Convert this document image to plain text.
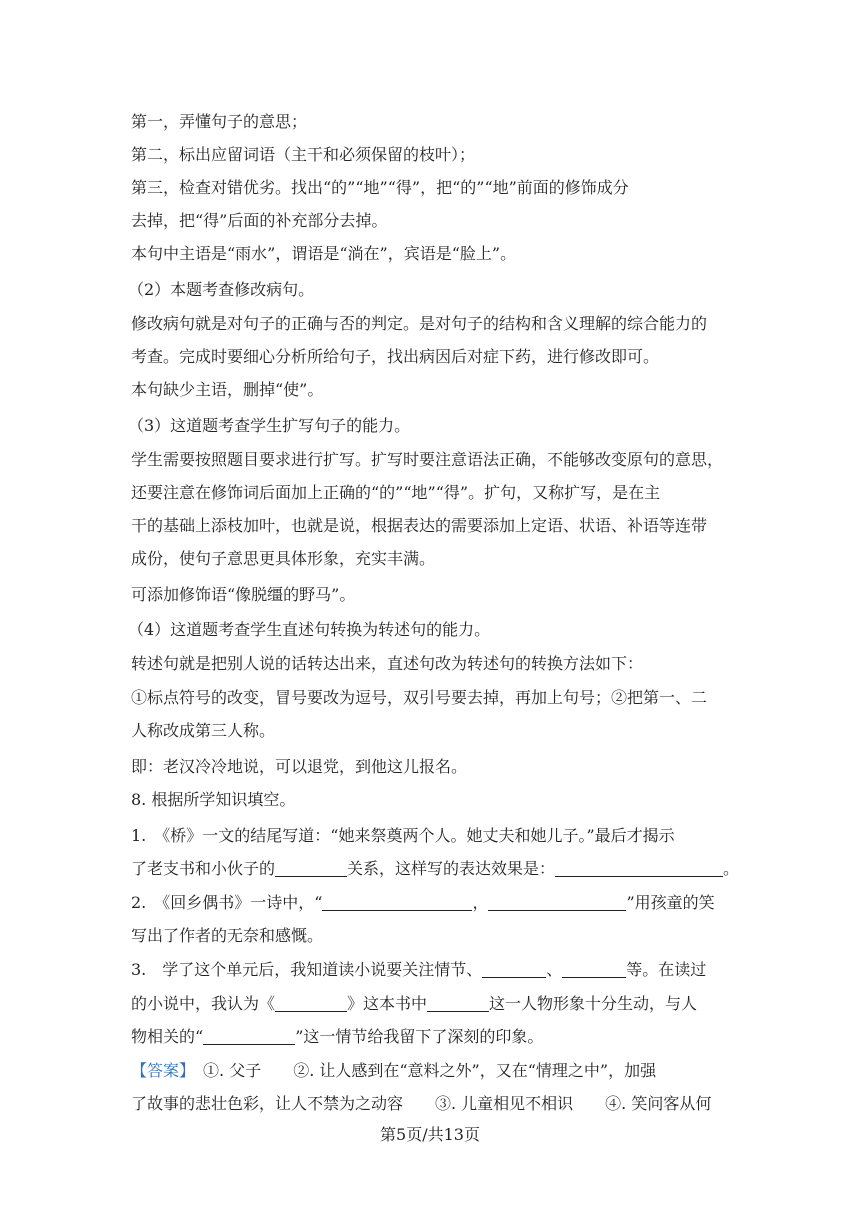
第一，弄懂句子的意思；
第二，标出应留词语（主干和必须保留的枝叶）；
第三，检查对错优劣。找出“的”“地”“得”，把“的”“地”前面的修饰成分
去掉，把“得”后面的补充部分去掉。
本句中主语是“雨水”，谓语是“淌在”，宾语是“脸上”。
（2）本题考查修改病句。
修改病句就是对句子的正确与否的判定。是对句子的结构和含义理解的综合能力的
考查。完成时要细心分析所给句子，找出病因后对症下药，进行修改即可。
本句缺少主语，删掉“使”。
（3）这道题考查学生扩写句子的能力。
学生需要按照题目要求进行扩写。扩写时要注意语法正确，不能够改变原句的意思，
还要注意在修饰词后面加上正确的“的”“地”“得”。扩句，又称扩写，是在主
干的基础上添枝加叶，也就是说，根据表达的需要添加上定语、状语、补语等连带
成份，使句子意思更具体形象，充实丰满。
可添加修饰语“像脱缰的野马”。
（4）这道题考查学生直述句转换为转述句的能力。
转述句就是把别人说的话转达出来，直述句改为转述句的转换方法如下：
①标点符号的改变，冒号要改为逗号，双引号要去掉，再加上句号；②把第一、二
人称改成第三人称。
即：老汉冷冷地说，可以退党，到他这儿报名。
8. 根据所学知识填空。
1.　《桥》一文的结尾写道：“她来祭奠两个人。她丈夫和她儿子。”最后才揭示
了老支书和小伙子的	关系，这样写的表达效果是：	。
2.　《回乡偶书》一诗中，“	，	”用孩童的笑
写出了作者的无奈和感慨。
3.　学了这个单元后，我知道读小说要关注情节、	、	等。在读过
的小说中，我认为《	》这本书中	这一人物形象十分生动，与人
物相关的“	”这一情节给我留下了深刻的印象。
【答案】　①. 父子　　②. 让人感到在“意料之外”，又在“情理之中”，加强
了故事的悲壮色彩，让人不禁为之动容　　③. 儿童相见不相识　　④. 笑问客从何
第5页/共13页
